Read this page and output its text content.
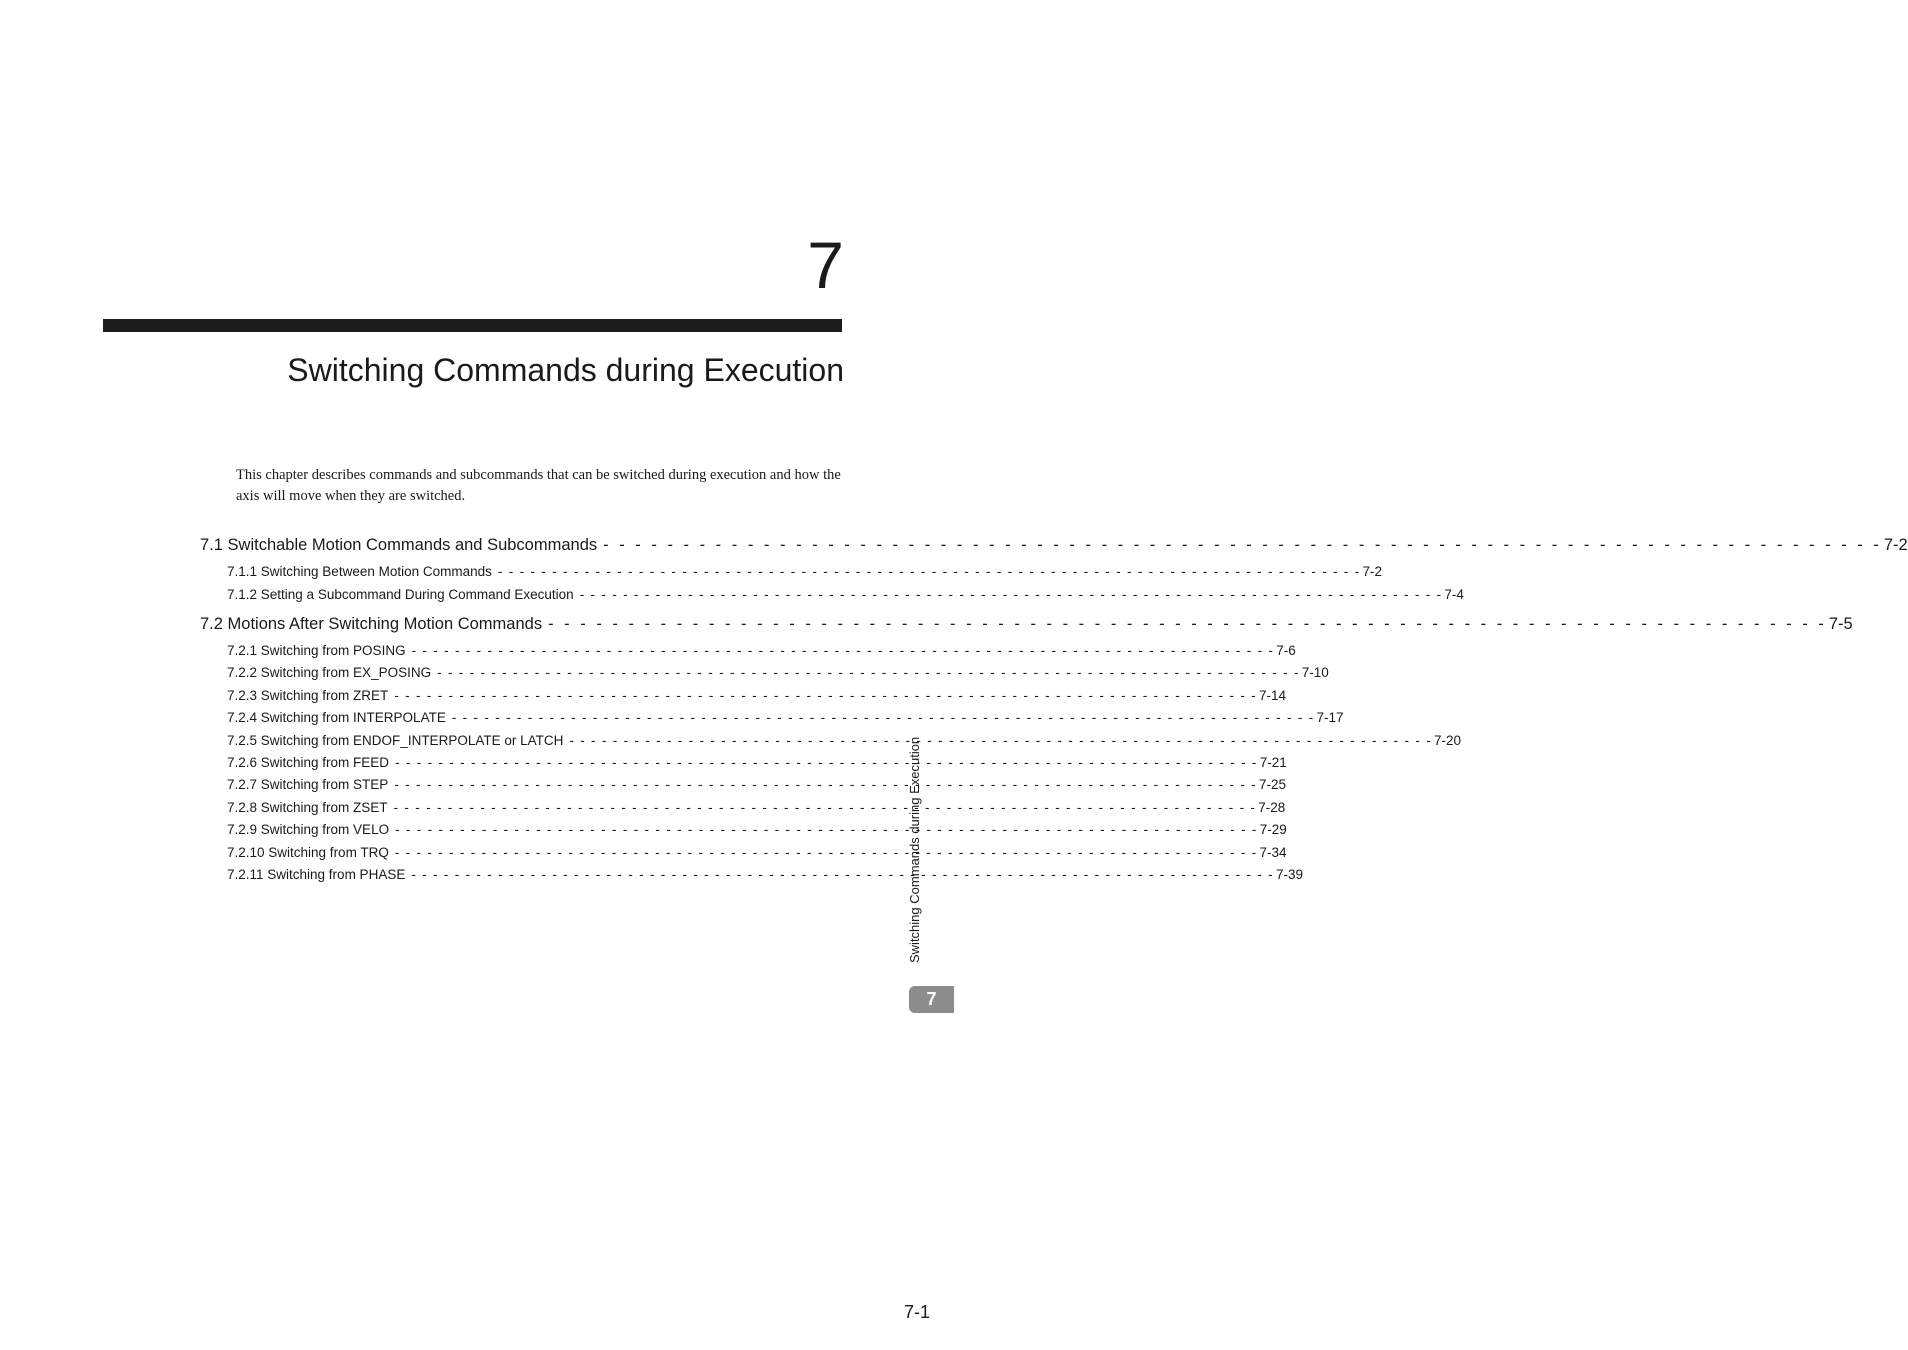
7
Switching Commands during Execution
This chapter describes commands and subcommands that can be switched during execution and how the axis will move when they are switched.
7.1 Switchable Motion Commands and Subcommands - - - - - - - - - - - - - - - - - - - - - - - - - - - - - - - - - - - - - - - - - - - - - - - - - - - - - - - - - - - - - - - - - - - - - - - - - - - - - - - - 7-2
7.1.1 Switching Between Motion Commands - - - - - - - - - - - - - - - - - - - - - - - - - - - - - - - - - - - - - - - - - - - - - - - - - - - - - - - - - - - - - - - - - - - - - - - - - - - - - - - - 7-2
7.1.2 Setting a Subcommand During Command Execution - - - - - - - - - - - - - - - - - - - - - - - - - - - - - - - - - - - - - - - - - - - - - - - - - - - - - - - - - - - - - - - - - - - - - - - - - - - - - - - - 7-4
7.2 Motions After Switching Motion Commands - - - - - - - - - - - - - - - - - - - - - - - - - - - - - - - - - - - - - - - - - - - - - - - - - - - - - - - - - - - - - - - - - - - - - - - - - - - - - - - - 7-5
7.2.1 Switching from POSING - - - - - - - - - - - - - - - - - - - - - - - - - - - - - - - - - - - - - - - - - - - - - - - - - - - - - - - - - - - - - - - - - - - - - - - - - - - - - - - - 7-6
7.2.2 Switching from EX_POSING - - - - - - - - - - - - - - - - - - - - - - - - - - - - - - - - - - - - - - - - - - - - - - - - - - - - - - - - - - - - - - - - - - - - - - - - - - - - - - - - 7-10
7.2.3 Switching from ZRET - - - - - - - - - - - - - - - - - - - - - - - - - - - - - - - - - - - - - - - - - - - - - - - - - - - - - - - - - - - - - - - - - - - - - - - - - - - - - - - - 7-14
7.2.4 Switching from INTERPOLATE - - - - - - - - - - - - - - - - - - - - - - - - - - - - - - - - - - - - - - - - - - - - - - - - - - - - - - - - - - - - - - - - - - - - - - - - - - - - - - - - 7-17
7.2.5 Switching from ENDOF_INTERPOLATE or LATCH - - - - - - - - - - - - - - - - - - - - - - - - - - - - - - - - - - - - - - - - - - - - - - - - - - - - - - - - - - - - - - - - - - - - - - - - - - - - - - - - 7-20
7.2.6 Switching from FEED - - - - - - - - - - - - - - - - - - - - - - - - - - - - - - - - - - - - - - - - - - - - - - - - - - - - - - - - - - - - - - - - - - - - - - - - - - - - - - - - 7-21
7.2.7 Switching from STEP - - - - - - - - - - - - - - - - - - - - - - - - - - - - - - - - - - - - - - - - - - - - - - - - - - - - - - - - - - - - - - - - - - - - - - - - - - - - - - - - 7-25
7.2.8 Switching from ZSET - - - - - - - - - - - - - - - - - - - - - - - - - - - - - - - - - - - - - - - - - - - - - - - - - - - - - - - - - - - - - - - - - - - - - - - - - - - - - - - - 7-28
7.2.9 Switching from VELO - - - - - - - - - - - - - - - - - - - - - - - - - - - - - - - - - - - - - - - - - - - - - - - - - - - - - - - - - - - - - - - - - - - - - - - - - - - - - - - - 7-29
7.2.10 Switching from TRQ - - - - - - - - - - - - - - - - - - - - - - - - - - - - - - - - - - - - - - - - - - - - - - - - - - - - - - - - - - - - - - - - - - - - - - - - - - - - - - - - 7-34
7.2.11 Switching from PHASE - - - - - - - - - - - - - - - - - - - - - - - - - - - - - - - - - - - - - - - - - - - - - - - - - - - - - - - - - - - - - - - - - - - - - - - - - - - - - - - - 7-39
Switching Commands during Execution
7
7-1
